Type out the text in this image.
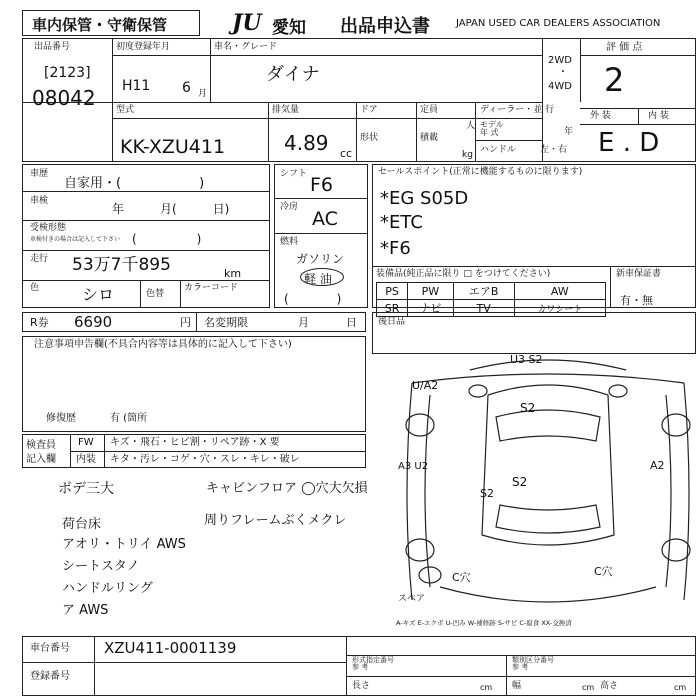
車内保管・守衛保管	JU 愛知 出品申込書	JAPAN USED CAR DEALERS ASSOCIATION
出品番号
[2123]
08042
初度登録年月
H11 6 月
車名・グレード
ダイナ
2WD
・
4WD
評 価 点
2
外 装	内 装
E . D
型式
KK-XZU411
排気量
4.89 cc
ドア
形状
定員
人
積載
kg
ディーラー・並 行
モデル
年 式	年
ハンドル	左・右
車歴
自家用・(　　　　　　)
車検
年　　　月(　　　日)
受検形態
車検付きの場合は記入して下さい (　　　　　)
走行 53万7千895	km
色	シロ	色替
カラーコード
シフト F6
冷房
AC
燃料
ガソリン
軽 油
(　　　　)
セールスポイント(正常に機能するものに限ります)
*EG S05D
*ETC
*F6
装備品(純正品に限り □ をつけてください)
PS	PW	エアB	AW
SR	ナビ	TV	カワシート
新車保証書
有・無
R券 6690	円 名変期限	月	日 後日品
注意事項申告欄(不具合内容等は具体的に記入して下さい)
修復歴	有 (箇所
検査員
記入欄
FW キズ・飛石・ヒビ割・リペア跡・X 要
内装 キタ・汚レ・コゲ・穴・スレ・キレ・破レ
ボデ三大	キャビンフロア ◯穴大欠損
荷台床
アオリ・トリイ AWS
周りフレームぶくメクレ
シートスタノ
ハンドルリング
ア AWS
U/A2
A2
A3 U2
S2
S2
S2
C穴	C穴
U3 S2
スペア
A-キズ E-エクボ U-凹み W-補修跡 S-サビ C-腐食 XX-交換済
車台番号 XZU411-0001139
登録番号
形式指定番号
参 考
類別区分番号
参 考
長さ	cm 幅	cm 高さ	cm
